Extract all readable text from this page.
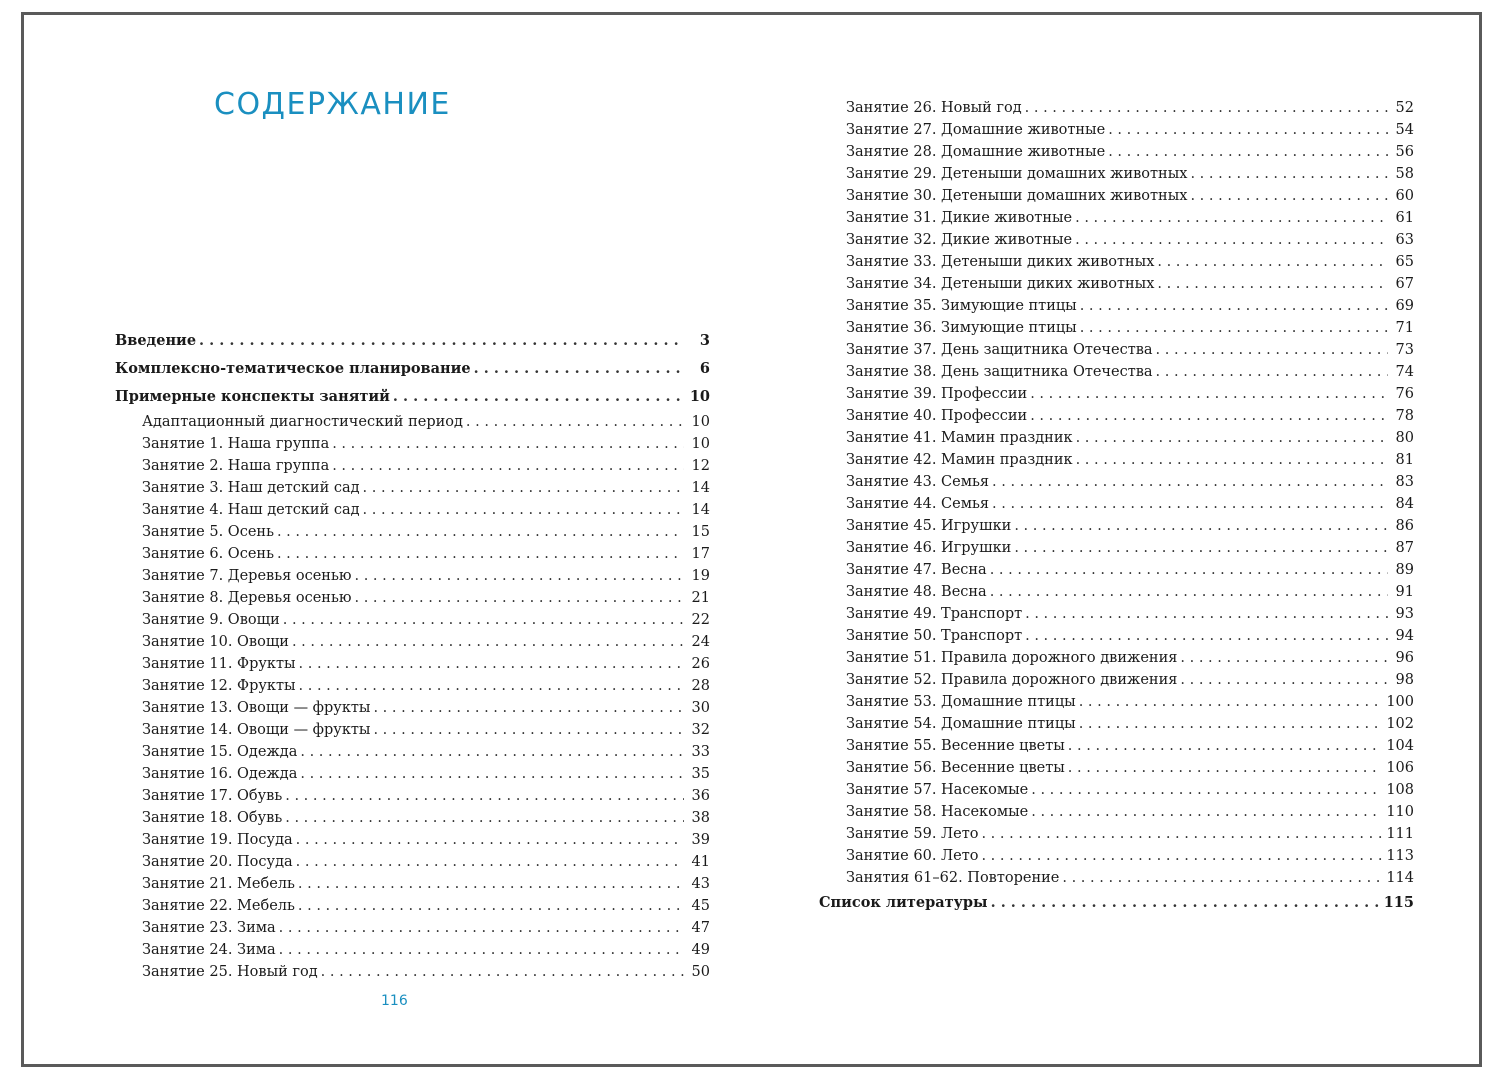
СОДЕРЖАНИЕ
Введение . . .	3
Комплексно-тематическое планирование . . .	6
Примерные конспекты занятий . . .	10
Адаптационный диагностический период . . .	10
Занятие 1. Наша группа . . .	10
Занятие 2. Наша группа . . .	12
Занятие 3. Наш детский сад . . .	14
Занятие 4. Наш детский сад . . .	14
Занятие 5. Осень . . .	15
Занятие 6. Осень . . .	17
Занятие 7. Деревья осенью . . .	19
Занятие 8. Деревья осенью . . .	21
Занятие 9. Овощи . . .	22
Занятие 10. Овощи . . .	24
Занятие 11. Фрукты . . .	26
Занятие 12. Фрукты . . .	28
Занятие 13. Овощи — фрукты . . .	30
Занятие 14. Овощи — фрукты . . .	32
Занятие 15. Одежда . . .	33
Занятие 16. Одежда . . .	35
Занятие 17. Обувь . . .	36
Занятие 18. Обувь . . .	38
Занятие 19. Посуда . . .	39
Занятие 20. Посуда . . .	41
Занятие 21. Мебель . . .	43
Занятие 22. Мебель . . .	45
Занятие 23. Зима . . .	47
Занятие 24. Зима . . .	49
Занятие 25. Новый год . . .	50
Занятие 26. Новый год . . .	52
Занятие 27. Домашние животные . . .	54
Занятие 28. Домашние животные . . .	56
Занятие 29. Детеныши домашних животных . . .	58
Занятие 30. Детеныши домашних животных . . .	60
Занятие 31. Дикие животные . . .	61
Занятие 32. Дикие животные . . .	63
Занятие 33. Детеныши диких животных . . .	65
Занятие 34. Детеныши диких животных . . .	67
Занятие 35. Зимующие птицы . . .	69
Занятие 36. Зимующие птицы . . .	71
Занятие 37. День защитника Отечества . . .	73
Занятие 38. День защитника Отечества . . .	74
Занятие 39. Профессии . . .	76
Занятие 40. Профессии . . .	78
Занятие 41. Мамин праздник . . .	80
Занятие 42. Мамин праздник . . .	81
Занятие 43. Семья . . .	83
Занятие 44. Семья . . .	84
Занятие 45. Игрушки . . .	86
Занятие 46. Игрушки . . .	87
Занятие 47. Весна . . .	89
Занятие 48. Весна . . .	91
Занятие 49. Транспорт . . .	93
Занятие 50. Транспорт . . .	94
Занятие 51. Правила дорожного движения . . .	96
Занятие 52. Правила дорожного движения . . .	98
Занятие 53. Домашние птицы . . .	100
Занятие 54. Домашние птицы . . .	102
Занятие 55. Весенние цветы . . .	104
Занятие 56. Весенние цветы . . .	106
Занятие 57. Насекомые . . .	108
Занятие 58. Насекомые . . .	110
Занятие 59. Лето . . .	111
Занятие 60. Лето . . .	113
Занятия 61–62. Повторение . . .	114
Список литературы . . .	115
116
